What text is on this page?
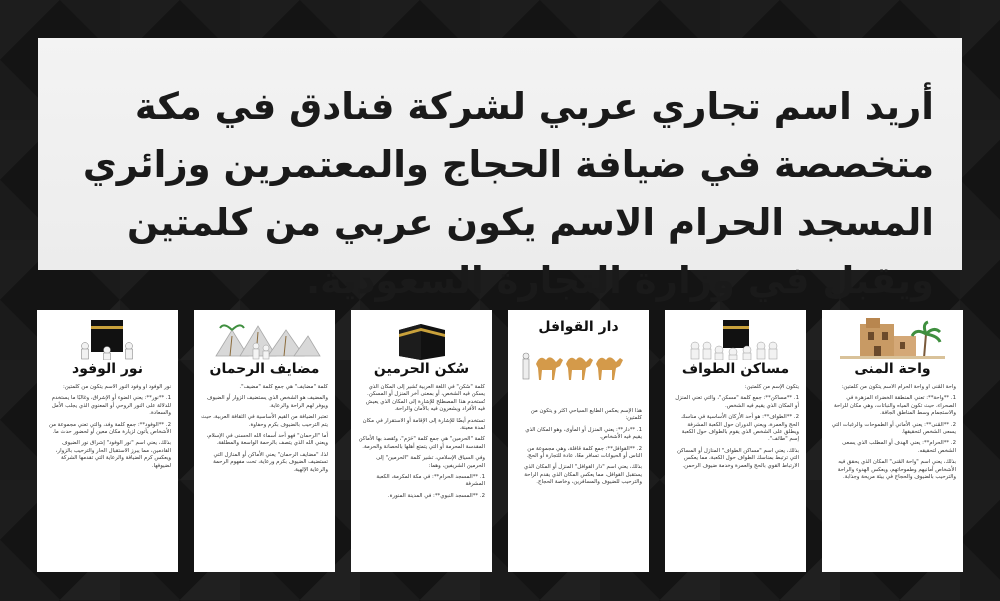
أريد اسم تجاري عربي لشركة فنادق في مكة متخصصة في ضيافة الحجاج والمعتمرين وزائري المسجد الحرام الاسم يكون عربي من كلمتين ويقبل في وزارة التجارة السعودية.
واحة المنى

واحة المُنى أو واحة الحرام الاسم يتكون من كلمتين:

1. **واحة**: تعني المنطقة الخضراء المزهرة في الصحراء، حيث تكون المياه والنباتات، وهي مكان للراحة والاستجمام وسط المناطق الجافة.

2. **المُنى**: يعني الأماني أو الطموحات والرغبات التي يسعى الشخص لتحقيقها.

2. **الحرام**: يعني الهدف أو المطلب الذي يسعى الشخص لتحقيقه.

بذلك، يعني اسم "واحة المُنى" المكان الذي يحقق فيه الأشخاص أمانيهم وطموحاتهم، ويعكس الهدوء والراحة والترحيب بالضيوف والحجاج في بيئة مريحة وجذابة.

مساكن الطواف

يتكون الإسم من كلمتين:

1. **مساكن**: جمع كلمة "مسكن"، والتي تعني المنزل أو المكان الذي يقيم فيه الشخص.

2. **الطواف**: هو أحد الأركان الأساسية في مناسك الحج والعمرة، ويعني الدوران حول الكعبة المشرفة ويطلق على الشخص الذي يقوم بالطواف حول الكعبة إسم "طائف".

بذلك، يعني اسم "مساكن الطواف" المنازل أو المساكن التي ترتبط بمناسك الطواف حول الكعبة، مما يعكس الارتباط القوي بالحج والعمرة وخدمة ضيوف الرحمن.

دار القوافل

هذا الإسم يعكس الطابع السياحي أكثر و يتكون من كلمتين:

1. **دار**: يعني المنزل أو المأوى، وهو المكان الذي يقيم فيه الأشخاص.

2. **القوافل**: جمع كلمة قافلة، وهي مجموعة من الناس أو الحيوانات تسافر معًا، عادة للتجارة أو الحج.

بذلك، يعني اسم "دار القوافل" المنزل أو المكان الذي يستقبل القوافل، مما يعكس المكان الذي يقدم الراحة والترحيب للضيوف والمسافرين، وخاصة الحجاج.

سُكن الحرمين

كلمة "سُكن" في اللغة العربية تُشير إلى المكان الذي يسكن فيه الشخص، أو بمعنى آخر المنزل أو المسكن. تُستخدم هذا المصطلح للإشارة إلى المكان الذي يعيش فيه الأفراد ويشعرون فيه بالأمان والراحة.

تستخدم أيضًا للإشارة إلى الإقامة أو الاستقرار في مكان لمدة معينة.

كلمة "الحرمين" هي جمع كلمة "حَرَم"، وتُقصد بها الأماكن المقدسة المحرمة أو التي يتمتع أهلها بالحصانة والحرمة.

وفي السياق الإسلامي، تشير كلمة "الحرمين" إلى الحرمين الشريفين، وهما:

1. **المسجد الحرام**: في مكة المكرمة، الكعبة المشرفة

2. **المسجد النبوي**: في المدينة المنورة.

مضايف الرحمان

كلمة "مضايف" هي جمع كلمة "مضيف".

والمضيف هو الشخص الذي يستضيف الزوار أو الضيوف ويوفر لهم الراحة والرعاية.

تعتبر الضيافة من القيم الأساسية في الثقافة العربية، حيث يتم الترحيب بالضيوف بكرم وحفاوة.

أما "الرحمان" فهو أحد أسماء الله الحسنى في الإسلام، ويعني الله الذي يتصف بالرحمة الواسعة والمطلقة.

لذا، "مضايف الرحمان" يعني الأماكن أو المنازل التي تستضيف الضيوف بكرم ورعاية، تحت مفهوم الرحمة والرعاية الإلهية.

نور الوفود

نور الوفود أو وفود النور الاسم يتكون من كلمتين:

1. **نور**: يعني الضوء أو الإشراق، وغالبًا ما يستخدم للدلالة على النور الروحي أو المعنوي الذي يجلب الأمل والسعادة.

2. **الوفود**: جمع كلمة وفد، والتي تعني مجموعة من الأشخاص يأتون لزيارة مكان معين أو لحضور حدث ما.

بذلك، يعني اسم "نور الوفود" إشراق نور الضيوف القادمين، مما يبرز الاستقبال الحار والترحيب بالزوار، ويعكس كرم الضيافة والرعاية التي تقدمها الشركة لضيوفها.
